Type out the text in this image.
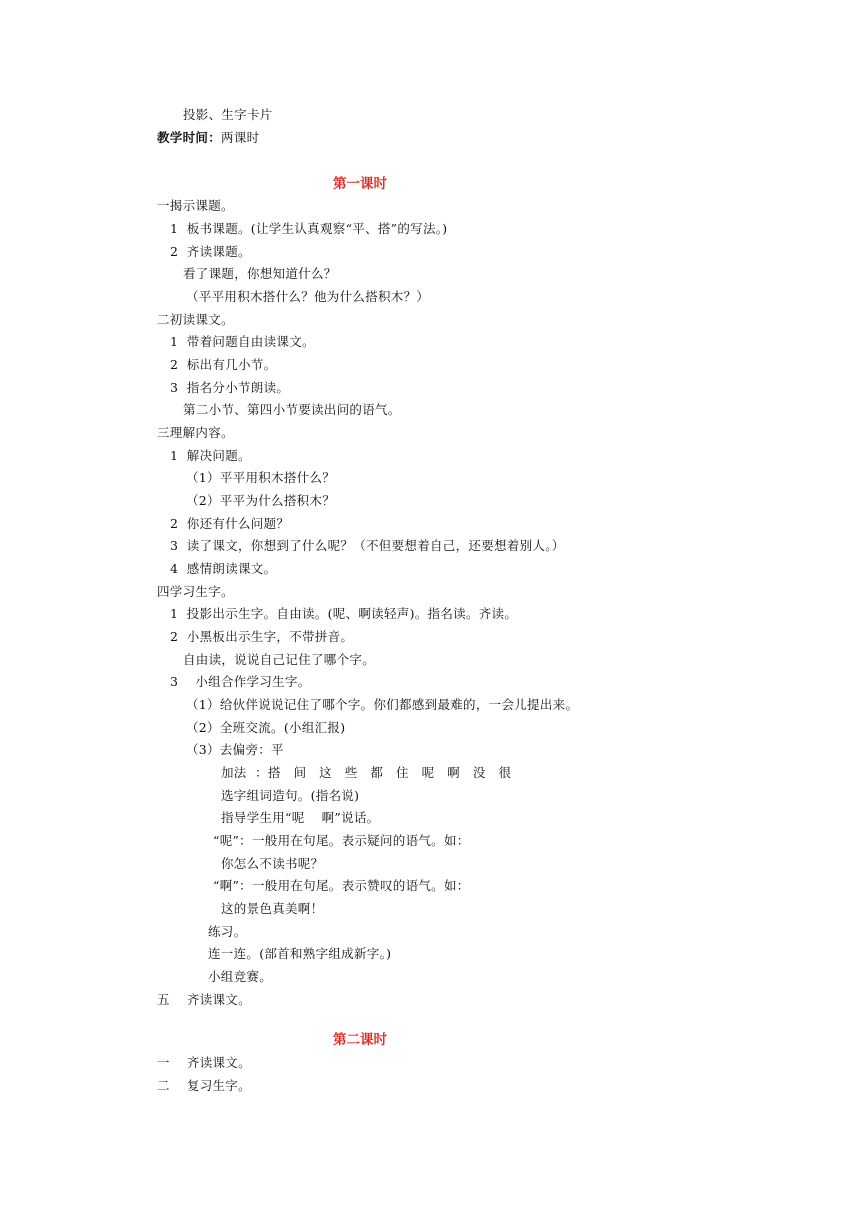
投影、生字卡片
教学时间：两课时
第一课时
一揭示课题。
1  板书课题。(让学生认真观察“平、搭”的写法。)
2  齐读课题。
看了课题，你想知道什么？
（平平用积木搭什么？他为什么搭积木？）
二初读课文。
1  带着问题自由读课文。
2  标出有几小节。
3  指名分小节朗读。
第二小节、第四小节要读出问的语气。
三理解内容。
1  解决问题。
（1）平平用积木搭什么？
（2）平平为什么搭积木？
2  你还有什么问题？
3  读了课文，你想到了什么呢？（不但要想着自己，还要想着别人。）
4  感情朗读课文。
四学习生字。
1  投影出示生字。自由读。(呢、啊读轻声)。指名读。齐读。
2  小黑板出示生字，不带拼音。
自由读，说说自己记住了哪个字。
3    小组合作学习生字。
（1）给伙伴说说记住了哪个字。你们都感到最难的，一会儿提出来。
（2）全班交流。(小组汇报)
（3）去偏旁：平
加法  ：搭   间   这   些   都   住   呢   啊   没   很
选字组词造句。(指名说)
指导学生用“呢    啊”说话。
“呢”：一般用在句尾。表示疑问的语气。如：
你怎么不读书呢？
“啊”：一般用在句尾。表示赞叹的语气。如：
这的景色真美啊！
练习。
连一连。(部首和熟字组成新字。)
小组竞赛。
五    齐读课文。
第二课时
一    齐读课文。
二    复习生字。
